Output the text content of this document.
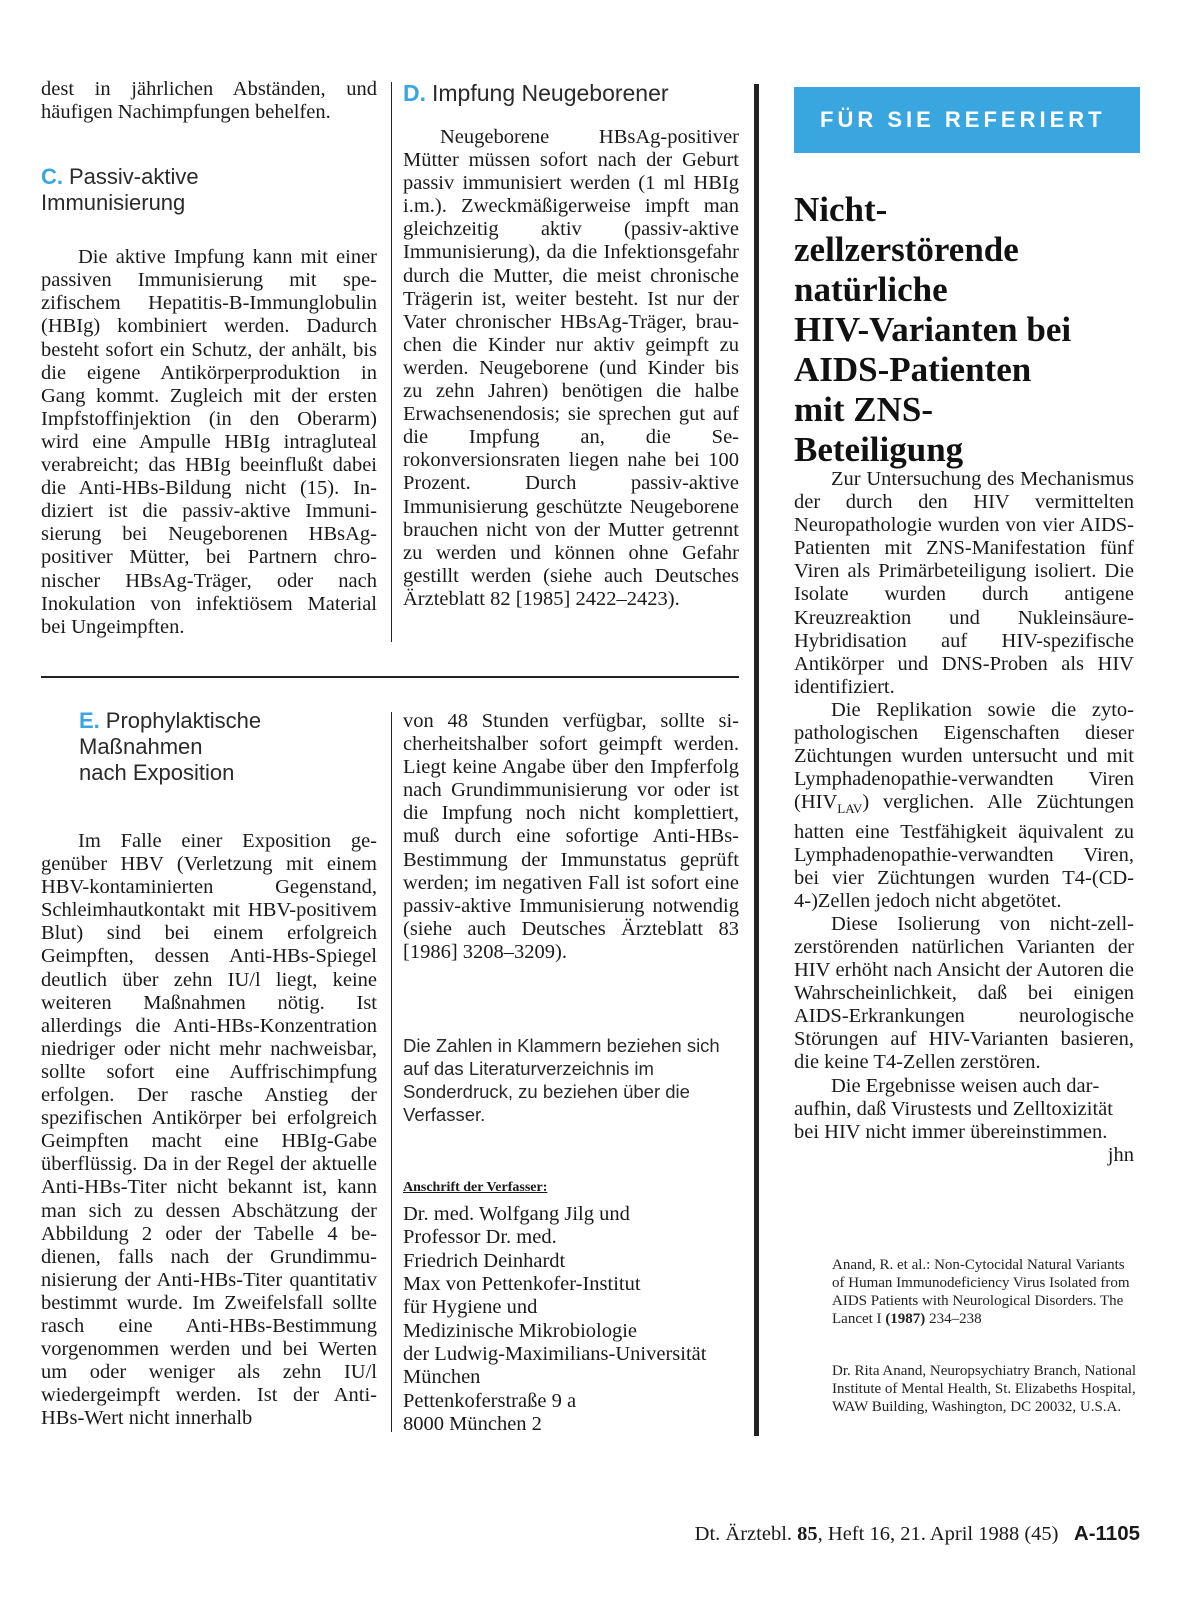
dest in jährlichen Abständen, und häufigen Nachimpfungen behelfen.

C. Passiv-aktive
Immunisierung

Die aktive Impfung kann mit einer passiven Immunisierung mit spezifischem Hepatitis-B-Immunglobulin (HBIg) kombiniert werden. Dadurch besteht sofort ein Schutz, der anhält, bis die eigene Antikörperproduktion in Gang kommt. Zugleich mit der ersten Impfstoffinjektion (in den Oberarm) wird eine Ampulle HBIg intragluteal verabreicht; das HBIg beeinflußt dabei die Anti-HBs-Bildung nicht (15). Indiziert ist die passiv-aktive Immunisierung bei Neugeborenen HBsAg-positiver Mütter, bei Partnern chronischer HBsAg-Träger, oder nach Inokulation von infektiösem Material bei Ungeimpften.

D. Impfung Neugeborener

Neugeborene HBsAg-positiver Mütter müssen sofort nach der Geburt passiv immunisiert werden (1 ml HBIg i.m.). Zweckmäßigerweise impft man gleichzeitig aktiv (passiv-aktive Immunisierung), da die Infektionsgefahr durch die Mutter, die meist chronische Trägerin ist, weiter besteht. Ist nur der Vater chronischer HBsAg-Träger, brauchen die Kinder nur aktiv geimpft zu werden. Neugeborene (und Kinder bis zu zehn Jahren) benötigen die halbe Erwachsenendosis; sie sprechen gut auf die Impfung an, die Serokonversionsraten liegen nahe bei 100 Prozent. Durch passiv-aktive Immunisierung geschützte Neugeborene brauchen nicht von der Mutter getrennt zu werden und können ohne Gefahr gestillt werden (siehe auch Deutsches Ärzteblatt 82 [1985] 2422–2423).

E. Prophylaktische
Maßnahmen
nach Exposition

Im Falle einer Exposition gegenüber HBV (Verletzung mit einem HBV-kontaminierten Gegenstand, Schleimhautkontakt mit HBV-positivem Blut) sind bei einem erfolgreich Geimpften, dessen Anti-HBs-Spiegel deutlich über zehn IU/l liegt, keine weiteren Maßnahmen nötig. Ist allerdings die Anti-HBs-Konzentration niedriger oder nicht mehr nachweisbar, sollte sofort eine Auffrischimpfung erfolgen. Der rasche Anstieg der spezifischen Antikörper bei erfolgreich Geimpften macht eine HBIg-Gabe überflüssig. Da in der Regel der aktuelle Anti-HBs-Titer nicht bekannt ist, kann man sich zu dessen Abschätzung der Abbildung 2 oder der Tabelle 4 bedienen, falls nach der Grundimmunisierung der Anti-HBs-Titer quantitativ bestimmt wurde. Im Zweifelsfall sollte rasch eine Anti-HBs-Bestimmung vorgenommen werden und bei Werten um oder weniger als zehn IU/l wiedergeimpft werden. Ist der Anti-HBs-Wert nicht innerhalb

von 48 Stunden verfügbar, sollte sicherheitshalber sofort geimpft werden. Liegt keine Angabe über den Impferfolg nach Grundimmunisierung vor oder ist die Impfung noch nicht komplettiert, muß durch eine sofortige Anti-HBs-Bestimmung der Immunstatus geprüft werden; im negativen Fall ist sofort eine passiv-aktive Immunisierung notwendig (siehe auch Deutsches Ärzteblatt 83 [1986] 3208–3209).

Die Zahlen in Klammern beziehen sich auf das Literaturverzeichnis im Sonderdruck, zu beziehen über die Verfasser.

Anschrift der Verfasser:
Dr. med. Wolfgang Jilg und
Professor Dr. med.
Friedrich Deinhardt
Max von Pettenkofer-Institut
für Hygiene und
Medizinische Mikrobiologie
der Ludwig-Maximilians-Universität
München
Pettenkoferstraße 9 a
8000 München 2
FÜR SIE REFERIERT
Nicht-
zellzerstörende
natürliche
HIV-Varianten bei
AIDS-Patienten
mit ZNS-
Beteiligung

Zur Untersuchung des Mechanismus der durch den HIV vermittelten Neuropathologie wurden von vier AIDS-Patienten mit ZNS-Manifestation fünf Viren als Primärbeteiligung isoliert. Die Isolate wurden durch antigene Kreuzreaktion und Nukleinsäure-Hybridisation auf HIV-spezifische Antikörper und DNS-Proben als HIV identifiziert.

Die Replikation sowie die zytopathologischen Eigenschaften dieser Züchtungen wurden untersucht und mit Lymphadenopathie-verwandten Viren $(HIV_{LAV})$ verglichen. Alle Züchtungen hatten eine Testfähigkeit äquivalent zu Lymphadenopathie-verwandten Viren, bei vier Züchtungen wurden T4-(CD-4-)Zellen jedoch nicht abgetötet.

Diese Isolierung von nicht-zellzerstörenden natürlichen Varianten der HIV erhöht nach Ansicht der Autoren die Wahrscheinlichkeit, daß bei einigen AIDS-Erkrankungen neurologische Störungen auf HIV-Varianten basieren, die keine T4-Zellen zerstören.

Die Ergebnisse weisen auch daraufhin, daß Virustests und Zelltoxizität bei HIV nicht immer übereinstimmen.
jhn

Anand, R. et al.: Non-Cytocidal Natural Variants of Human Immunodeficiency Virus Isolated from AIDS Patients with Neurological Disorders. The Lancet I (1987) 234–238
Dr. Rita Anand, Neuropsychiatry Branch, National Institute of Mental Health, St. Elizabeths Hospital, WAW Building, Washington, DC 20032, U.S.A.
Dt. Ärztebl. 85, Heft 16, 21. April 1988 (45) A-1105
